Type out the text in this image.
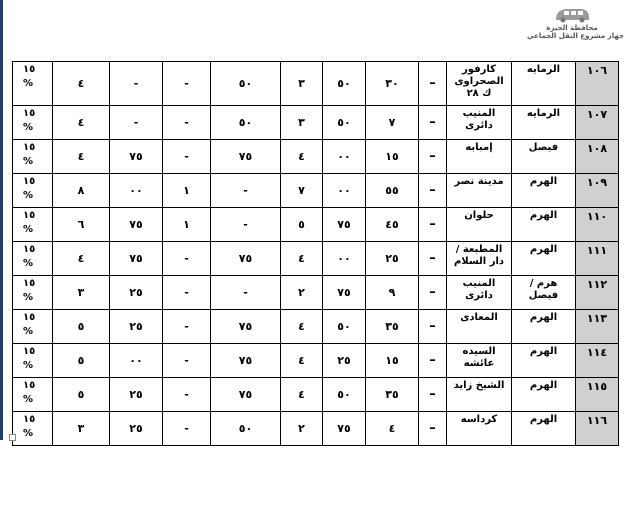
محافظة الجيزة
جهاز مشروع النقل الجماعي
١٥
%	٤	-	-	٥٠	٣	٥٠	٣٠	–	كارفور الصحراوى ك ٢٨	الرمايه	١٠٦

١٥
%	٤	-	-	٥٠	٣	٥٠	٧	–	المنيب دائرى	الرمايه	١٠٧

١٥
%	٤	٧٥	-	٧٥	٤	٠٠	١٥	–	إمبابه	فيصل	١٠٨

١٥
%	٨	٠٠	١	-	٧	٠٠	٥٥	–	مدينة نصر	الهرم	١٠٩

١٥
%	٦	٧٥	١	-	٥	٧٥	٤٥	–	حلوان	الهرم	١١٠

١٥
%	٤	٧٥	-	٧٥	٤	٠٠	٢٥	–	المطبعة /دار السلام	الهرم	١١١

١٥
%	٣	٢٥	-	-	٢	٧٥	٩	–	المنيب دائرى	هرم / فيصل	١١٢

١٥
%	٥	٢٥	-	٧٥	٤	٥٠	٣٥	–	المعادى	الهرم	١١٣

١٥
%	٥	٠٠	-	٧٥	٤	٢٥	١٥	–	السيده عائشه	الهرم	١١٤

١٥
%	٥	٢٥	-	٧٥	٤	٥٠	٣٥	–	الشيخ زايد	الهرم	١١٥

١٥
%	٣	٢٥	-	٥٠	٢	٧٥	٤	–	كرداسه	الهرم	١١٦
